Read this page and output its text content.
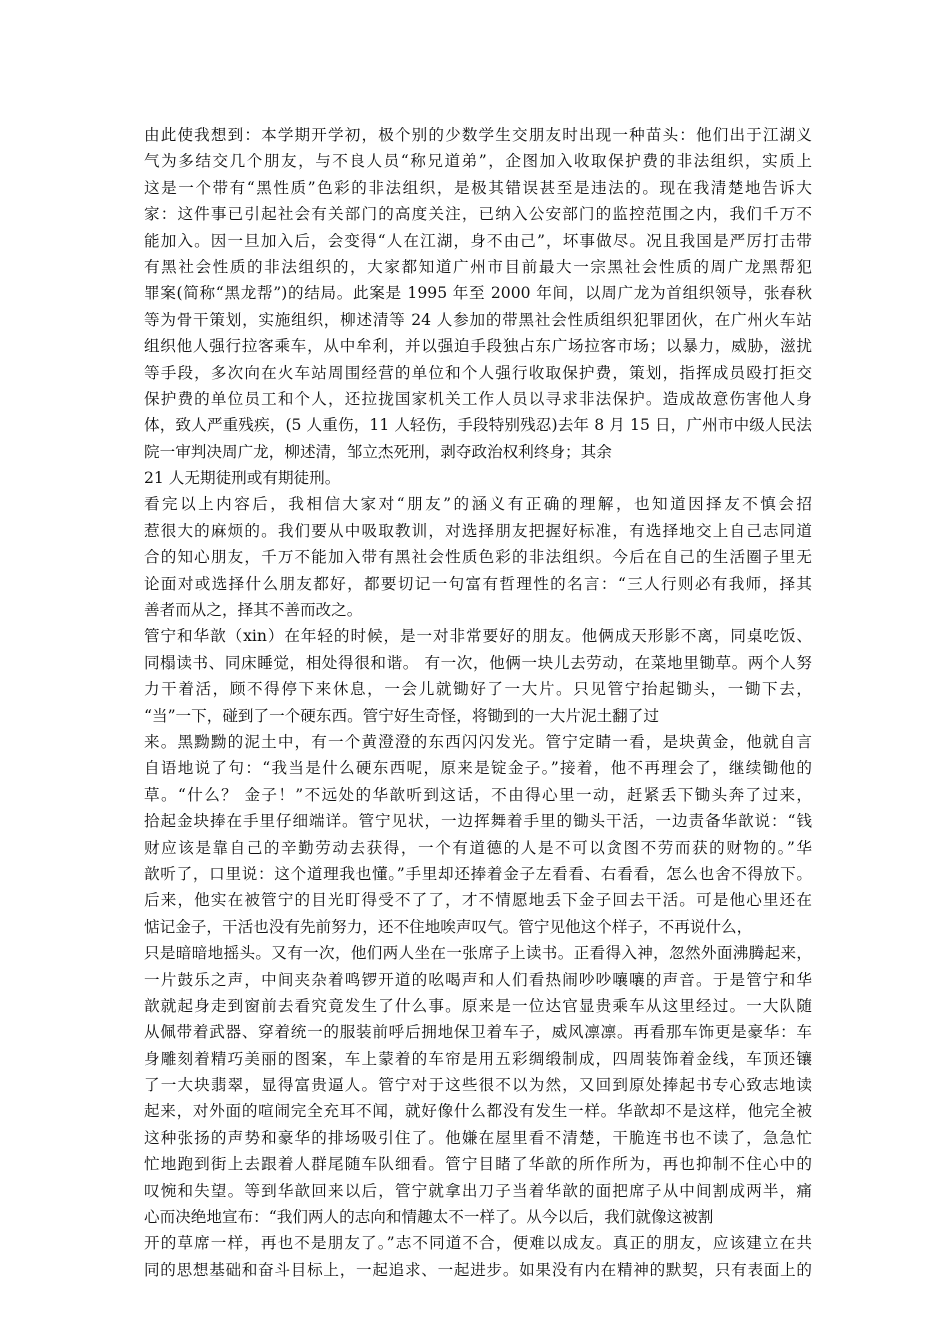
由此使我想到：本学期开学初，极个别的少数学生交朋友时出现一种苗头：他们出于江湖义
气为多结交几个朋友，与不良人员“称兄道弟”，企图加入收取保护费的非法组织，实质上
这是一个带有“黑性质”色彩的非法组织，是极其错误甚至是违法的。现在我清楚地告诉大
家：这件事已引起社会有关部门的高度关注，已纳入公安部门的监控范围之内，我们千万不
能加入。因一旦加入后，会变得“人在江湖，身不由己”，坏事做尽。况且我国是严厉打击带
有黑社会性质的非法组织的，大家都知道广州市目前最大一宗黑社会性质的周广龙黑帮犯
罪案(简称“黑龙帮”)的结局。此案是 1995 年至 2000 年间，以周广龙为首组织领导，张春秋
等为骨干策划，实施组织，柳述清等 24 人参加的带黑社会性质组织犯罪团伙，在广州火车站
组织他人强行拉客乘车，从中牟利，并以强迫手段独占东广场拉客市场；以暴力，威胁，滋扰
等手段，多次向在火车站周围经营的单位和个人强行收取保护费，策划，指挥成员殴打拒交
保护费的单位员工和个人，还拉拢国家机关工作人员以寻求非法保护。造成故意伤害他人身
体，致人严重残疾，(5 人重伤，11 人轻伤，手段特别残忍)去年 8 月 15 日，广州市中级人民法
院一审判决周广龙，柳述清，邹立杰死刑，剥夺政治权利终身；其余
21 人无期徒刑或有期徒刑。
看完以上内容后，我相信大家对“朋友”的涵义有正确的理解，也知道因择友不慎会招
惹很大的麻烦的。我们要从中吸取教训，对选择朋友把握好标准，有选择地交上自己志同道
合的知心朋友，千万不能加入带有黑社会性质色彩的非法组织。今后在自己的生活圈子里无
论面对或选择什么朋友都好，都要切记一句富有哲理性的名言：“三人行则必有我师，择其
善者而从之，择其不善而改之。
管宁和华歆（xin）在年轻的时候，是一对非常要好的朋友。他俩成天形影不离，同桌吃饭、
同榻读书、同床睡觉，相处得很和谐。 有一次，他俩一块儿去劳动，在菜地里锄草。两个人努
力干着活，顾不得停下来休息，一会儿就锄好了一大片。只见管宁抬起锄头，一锄下去，
“当”一下，碰到了一个硬东西。管宁好生奇怪，将锄到的一大片泥土翻了过
来。黑黝黝的泥土中，有一个黄澄澄的东西闪闪发光。管宁定睛一看，是块黄金，他就自言
自语地说了句：“我当是什么硬东西呢，原来是锭金子。”接着，他不再理会了，继续锄他的
草。“什么？ 金子！”不远处的华歆听到这话，不由得心里一动，赶紧丢下锄头奔了过来，
拾起金块捧在手里仔细端详。管宁见状，一边挥舞着手里的锄头干活，一边责备华歆说：“钱
财应该是靠自己的辛勤劳动去获得，一个有道德的人是不可以贪图不劳而获的财物的。”华
歆听了，口里说：这个道理我也懂。”手里却还捧着金子左看看、右看看，怎么也舍不得放下。
后来，他实在被管宁的目光盯得受不了了，才不情愿地丢下金子回去干活。可是他心里还在
惦记金子，干活也没有先前努力，还不住地唉声叹气。管宁见他这个样子，不再说什么，
只是暗暗地摇头。又有一次，他们两人坐在一张席子上读书。正看得入神，忽然外面沸腾起来，
一片鼓乐之声，中间夹杂着鸣锣开道的吆喝声和人们看热闹吵吵嚷嚷的声音。于是管宁和华
歆就起身走到窗前去看究竟发生了什么事。原来是一位达官显贵乘车从这里经过。一大队随
从佩带着武器、穿着统一的服装前呼后拥地保卫着车子，威风凛凛。再看那车饰更是豪华：车
身雕刻着精巧美丽的图案，车上蒙着的车帘是用五彩绸缎制成，四周装饰着金线，车顶还镶
了一大块翡翠，显得富贵逼人。管宁对于这些很不以为然，又回到原处捧起书专心致志地读
起来，对外面的喧闹完全充耳不闻，就好像什么都没有发生一样。华歆却不是这样，他完全被
这种张扬的声势和豪华的排场吸引住了。他嫌在屋里看不清楚，干脆连书也不读了，急急忙
忙地跑到街上去跟着人群尾随车队细看。管宁目睹了华歆的所作所为，再也抑制不住心中的
叹惋和失望。等到华歆回来以后，管宁就拿出刀子当着华歆的面把席子从中间割成两半，痛
心而决绝地宣布：“我们两人的志向和情趣太不一样了。从今以后，我们就像这被割
开的草席一样，再也不是朋友了。”志不同道不合，便难以成友。真正的朋友，应该建立在共
同的思想基础和奋斗目标上，一起追求、一起进步。如果没有内在精神的默契，只有表面上的
